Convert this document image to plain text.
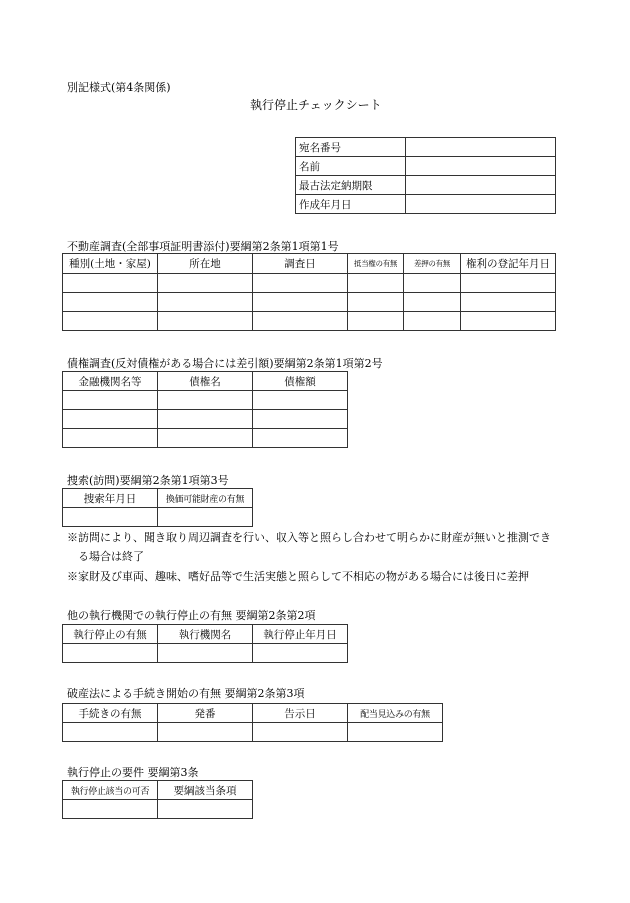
別記様式(第4条関係)
執行停止チェックシート
宛名番号	
名前	
最古法定納期限	
作成年月日	
不動産調査(全部事項証明書添付)要綱第2条第1項第1号
種別(土地・家屋)	所在地	調査日	抵当権の有無	差押の有無	権利の登記年月日

債権調査(反対債権がある場合には差引額)要綱第2条第1項第2号
金融機関名等	債権名	債権額

捜索(訪問)要綱第2条第1項第3号
捜索年月日	換価可能財産の有無

※訪問により、聞き取り周辺調査を行い、収入等と照らし合わせて明らかに財産が無いと推測でき
る場合は終了
※家財及び車両、趣味、嗜好品等で生活実態と照らして不相応の物がある場合には後日に差押
他の執行機関での執行停止の有無 要綱第2条第2項
執行停止の有無	執行機関名	執行停止年月日

破産法による手続き開始の有無 要綱第2条第3項
手続きの有無	発番	告示日	配当見込みの有無

執行停止の要件 要綱第3条
執行停止該当の可否	要綱該当条項
